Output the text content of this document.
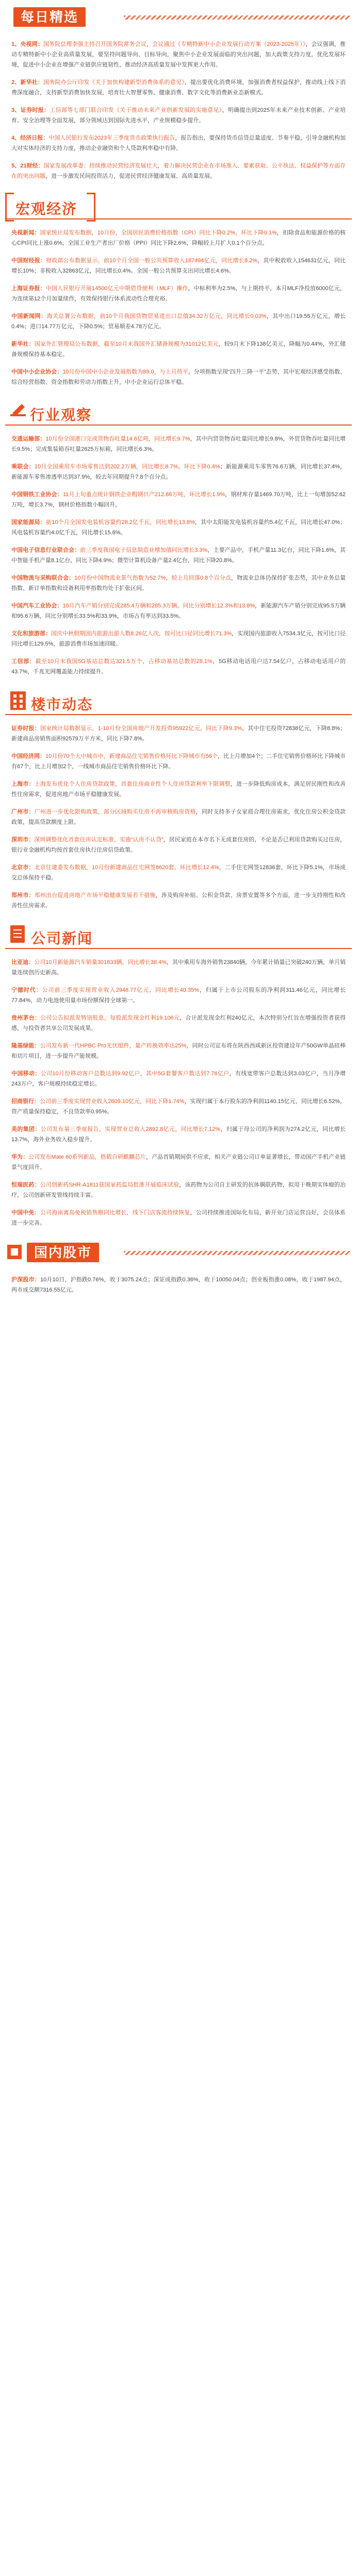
每日精选

1、央视网：国务院总理李强主持召开国务院常务会议，会议通过《专精特新中小企业发展行动方案（2023-2025年）》，会议强调，推动专精特新中小企业高质量发展，要坚持问题导向、目标导向，聚焦中小企业发展面临的突出问题，加大政策支持力度，优化发展环境，促进中小企业在增强产业链供应链韧性、推动经济高质量发展中发挥更大作用。

2、新华社：国务院办公厅印发《关于加快构建新型消费体系的意见》，提出要优化消费环境，加强消费者权益保护，推动线上线下消费深度融合，支持新型消费加快发展，培育壮大智慧零售、健康消费、数字文化等消费新业态新模式。

3、证券时报：工信部等七部门联合印发《关于推动未来产业创新发展的实施意见》，明确提出到2025年未来产业技术创新、产业培育、安全治理等全面发展，部分领域达到国际先进水平，产业规模稳步提升。

4、经济日报：中国人民银行发布2023年三季度货币政策执行报告，报告指出，要保持货币信贷总量适度、节奏平稳，引导金融机构加大对实体经济的支持力度，推动企业融资和个人贷款利率稳中有降。

5、21财经：国家发展改革委：持续推动民营经济发展壮大，着力解决民营企业在市场准入、要素获取、公平执法、权益保护等方面存在的突出问题，进一步激发民间投资活力，促进民营经济健康发展、高质量发展。

宏观经济

央视新闻：国家统计局发布数据，10月份，全国居民消费价格指数（CPI）同比下降0.2%，环比下降0.1%，扣除食品和能源价格的核心CPI同比上涨0.6%，全国工业生产者出厂价格（PPI）同比下降2.6%，降幅较上月扩大0.1个百分点。

中国财经报：财政部公布数据显示，前10个月全国一般公共预算收入187494亿元，同比增长8.2%，其中税收收入154631亿元，同比增长10%；非税收入32863亿元，同比增长0.4%。全国一般公共预算支出同比增长4.6%。

上海证券报：中国人民银行开展14500亿元中期借贷便利（MLF）操作，中标利率为2.5%，与上期持平，本月MLF净投放6000亿元，为连续第12个月加量续作，有效保持银行体系流动性合理充裕。

中国新闻网：海关总署公布数据，前10个月我国货物贸易进出口总值34.32万亿元，同比增长0.03%，其中出口19.55万亿元，增长0.4%；进口14.77万亿元，下降0.5%；贸易顺差4.78万亿元。

新华社：国家外汇管理局公布数据，截至10月末我国外汇储备规模为31012亿美元，较9月末下降138亿美元，降幅为0.44%，外汇储备规模保持基本稳定。

中国中小企业协会：10月份中国中小企业发展指数为89.0，与上月持平，分项指数呈现“四升三降一平”态势，其中宏观经济感受指数、综合经营指数、资金指数和劳动力指数上升，中小企业运行总体平稳。

行业观察

交通运输部：10月份全国港口完成货物吞吐量14.6亿吨，同比增长9.7%，其中内贸货物吞吐量同比增长9.8%，外贸货物吞吐量同比增长9.5%；完成集装箱吞吐量2625万标箱，同比增长6.3%。

乘联会：10月全国乘用车市场零售达到202.2万辆，同比增长8.7%，环比下降0.4%；新能源乘用车零售76.6万辆，同比增长37.4%，新能源车零售渗透率达到37.9%，较去年同期提升7.8个百分点。

中国钢铁工业协会：11月上旬重点统计钢铁企业粗钢日产212.86万吨，环比增长1.9%，钢材库存量1469.70万吨，比上一旬增加52.62万吨，增长3.7%，钢材价格指数小幅回升。

国家能源局：前10个月全国发电装机容量约28.2亿千瓦，同比增长13.8%，其中太阳能发电装机容量约5.4亿千瓦，同比增长47.0%；风电装机容量约4.0亿千瓦，同比增长15.6%。

中国电子信息行业联合会：前三季度我国电子信息制造业增加值同比增长3.3%，主要产品中，手机产量11.3亿台，同比下降1.6%，其中智能手机产量8.1亿台，同比下降4.9%；微型计算机设备产量2.4亿台，同比下降20.8%。

中国物流与采购联合会：10月份中国物流业景气指数为52.7%，较上月回落0.8个百分点，物流业总体仍保持扩张态势，其中业务总量指数、新订单指数和设备利用率指数均处于扩张区间。

中国汽车工业协会：10月汽车产销分别完成285.4万辆和285.3万辆，同比分别增长12.3%和13.8%，新能源汽车产销分别完成95.5万辆和95.6万辆，同比分别增长33.5%和33.9%，市场占有率达到33.5%。

文化和旅游部：国庆中秋假期国内旅游出游人数8.26亿人次，按可比口径同比增长71.3%，实现国内旅游收入7534.3亿元，按可比口径同比增长129.5%，旅游消费市场加速回暖。

工信部：截至10月末我国5G基站总数达321.5万个，占移动基站总数的28.1%，5G移动电话用户达7.54亿户，占移动电话用户的43.7%，千兆光网覆盖能力持续提升。

楼市动态

证券时报：国家统计局数据显示，1-10月份全国房地产开发投资95922亿元，同比下降9.3%，其中住宅投资72838亿元，下降8.8%；新建商品房销售面积92579万平方米，同比下降7.8%。

中国经济网：10月份70个大中城市中，新建商品住宅销售价格环比下降城市有56个，比上月增加4个；二手住宅销售价格环比下降城市有67个，比上月增加2个，一线城市商品住宅销售价格环比下降。

上海市：上海发布优化个人住房贷款政策，首套住房商业性个人住房贷款利率下限调整，进一步降低购房成本，满足居民刚性和改善性住房需求，促进房地产市场平稳健康发展。

广州市：广州进一步优化限购政策，部分区域购买住房不再审核购房资格，同时支持多子女家庭合理住房需求，优化住房公积金贷款政策，提高贷款额度上限。

深圳市：深圳调整优化首套住房认定标准，实施“认房不认贷”，居民家庭在本市名下无成套住房的，不论是否已利用贷款购买过住房，银行业金融机构均按首套住房执行住房信贷政策。

北京市：北京住建委发布数据，10月份新建商品住宅网签8620套，环比增长12.4%，二手住宅网签12836套，环比下降5.1%，市场成交总体保持平稳。

郑州市：郑州出台促进房地产市场平稳健康发展若干措施，涉及购房补贴、公积金贷款、房票安置等多个方面，进一步支持刚性和改善性住房需求。

公司新闻

比亚迪：公司10月新能源汽车销量301833辆，同比增长38.4%，其中乘用车海外销售23840辆，今年累计销量已突破240万辆，单月销量连续创历史新高。

宁德时代：公司前三季度实现营业收入2946.77亿元，同比增长40.35%，归属于上市公司股东的净利润311.46亿元，同比增长77.84%，动力电池使用量市场份额保持全球第一。

贵州茅台：公司公告拟派发特别股息，每股派发现金红利19.106元，合计派发现金红利240亿元，本次特别分红旨在增强投资者获得感，与投资者共享公司发展成果。

隆基绿能：公司发布新一代HPBC Pro光伏组件，量产转换效率达25%，同时公司宣布将在陕西西咸新区投资建设年产50GW单晶硅棒和切片项目，进一步提升产能规模。

中国移动：公司10月份移动客户总数达到9.92亿户，其中5G套餐客户数达到7.76亿户，有线宽带客户总数达到3.03亿户，当月净增243万户，客户规模持续稳定增长。

招商银行：公司前三季度实现营业收入2609.10亿元，同比下降1.74%，实现归属于本行股东的净利润1140.15亿元，同比增长6.52%，资产质量保持稳定，不良贷款率0.95%。

美的集团：公司发布第三季度报告，实现营业总收入2892.8亿元，同比增长7.12%，归属于母公司的净利润为274.2亿元，同比增长13.7%，海外业务收入稳步提升。

华为：公司发布Mate 60系列新品，搭载自研麒麟芯片，产品首销期间供不应求，相关产业链公司订单显著增长，带动国产手机产业链景气度回升。

恒瑞医药：公司创新药SHR-A1811获国家药监局批准开展临床试验，该药物为公司自主研发的抗体偶联药物，拟用于晚期实体瘤的治疗，公司创新研发管线持续丰富。

中国中免：公司海南离岛免税销售额同比增长，线下门店客流持续恢复，公司持续推进国际化布局，新开业门店运营良好，会员体系进一步完善。

国内股市

沪深股市：10月10日，沪指跌0.76%，收于3075.24点；深证成指跌0.36%，收于10050.04点；创业板指涨0.08%，收于1987.94点，两市成交额7316.55亿元。
